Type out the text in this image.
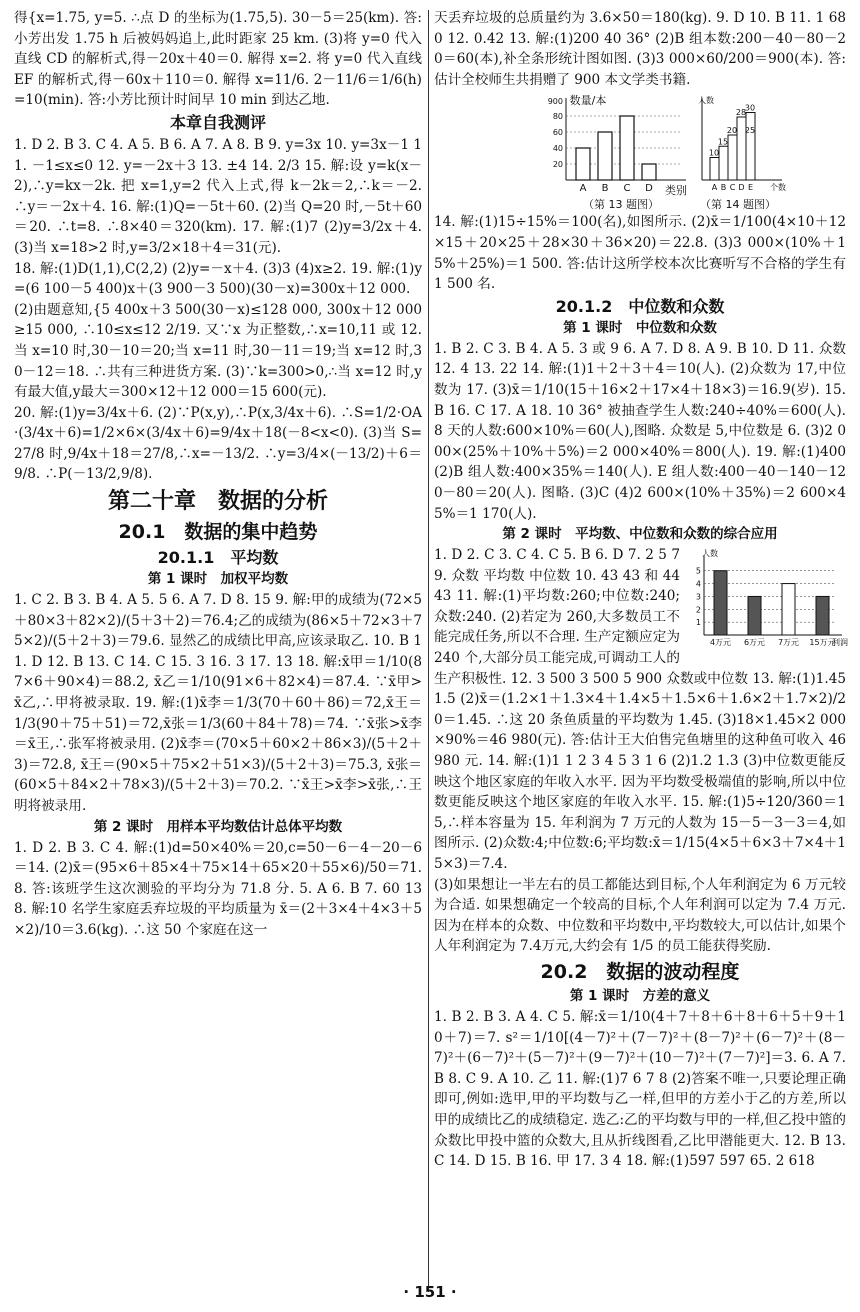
得{x=1.75, y=5. ∴点 D 的坐标为(1.75,5). 30－5＝25(km). 答:小芳出发 1.75 h 后被妈妈追上,此时距家 25 km. (3)将 y=0 代入直线 CD 的解析式,得－20x＋40＝0. 解得 x=2. 将 y=0 代入直线 EF 的解析式,得－60x＋110＝0. 解得 x=11/6. 2－11/6＝1/6(h)=10(min). 答:小芳比预计时间早 10 min 到达乙地.
本章自我测评
1. D 2. B 3. C 4. A 5. B 6. A 7. A 8. B 9. y=3x 10. y=3x－1 11. －1≤x≤0 12. y=－2x＋3 13. ±4 14. 2/3 15. 解:设 y=k(x－2),∴y=kx－2k. 把 x=1,y=2 代入上式,得 k－2k＝2,∴k＝－2. ∴y＝－2x＋4. 16. 解:(1)Q=－5t＋60. (2)当 Q=20 时,－5t＋60＝20. ∴t=8. ∴8×40＝320(km). 17. 解:(1)7 (2)y=3/2x＋4. (3)当 x=18>2 时,y=3/2×18＋4＝31(元).
18. 解:(1)D(1,1),C(2,2) (2)y=－x＋4. (3)3 (4)x≥2. 19. 解:(1)y=(6 100－5 400)x＋(3 900－3 500)(30－x)=300x＋12 000.
(2)由题意知,{5 400x＋3 500(30－x)≤128 000, 300x＋12 000≥15 000, ∴10≤x≤12 2/19. 又∵x 为正整数,∴x=10,11 或 12. 当 x=10 时,30－10＝20;当 x=11 时,30－11＝19;当 x=12 时,30－12＝18. ∴共有三种进货方案. (3)∵k=300>0,∴当 x=12 时,y 有最大值,y最大＝300×12＋12 000＝15 600(元).
20. 解:(1)y=3/4x＋6. (2)∵P(x,y),∴P(x,3/4x＋6). ∴S=1/2·OA·(3/4x＋6)=1/2×6×(3/4x＋6)=9/4x＋18(－8<x<0). (3)当 S=27/8 时,9/4x＋18＝27/8,∴x=－13/2. ∴y=3/4×(－13/2)＋6＝9/8. ∴P(－13/2,9/8).
第二十章　数据的分析
20.1　数据的集中趋势
20.1.1　平均数
第 1 课时　加权平均数
1. C 2. B 3. B 4. A 5. 5 6. A 7. D 8. 15 9. 解:甲的成绩为(72×5＋80×3＋82×2)/(5＋3＋2)＝76.4;乙的成绩为(86×5＋72×3＋75×2)/(5＋2＋3)＝79.6. 显然乙的成绩比甲高,应该录取乙. 10. B 11. D 12. B 13. C 14. C 15. 3 16. 3 17. 13 18. 解:x̄甲＝1/10(87×6＋90×4)＝88.2, x̄乙＝1/10(91×6＋82×4)＝87.4. ∵x̄甲>x̄乙,∴甲将被录取. 19. 解:(1)x̄李＝1/3(70＋60＋86)＝72,x̄王＝1/3(90＋75＋51)＝72,x̄张＝1/3(60＋84＋78)＝74. ∵x̄张>x̄李＝x̄王,∴张军将被录用. (2)x̄李＝(70×5＋60×2＋86×3)/(5＋2＋3)＝72.8, x̄王＝(90×5＋75×2＋51×3)/(5＋2＋3)＝75.3, x̄张＝(60×5＋84×2＋78×3)/(5＋2＋3)＝70.2. ∵x̄王>x̄李>x̄张,∴王明将被录用.
第 2 课时　用样本平均数估计总体平均数
1. D 2. B 3. C 4. 解:(1)d=50×40%＝20,c=50－6－4－20－6＝14. (2)x̄＝(95×6＋85×4＋75×14＋65×20＋55×6)/50＝71.8. 答:该班学生这次测验的平均分为 71.8 分. 5. A 6. B 7. 60 13 8. 解:10 名学生家庭丢弃垃圾的平均质量为 x̄＝(2＋3×4＋4×3＋5×2)/10＝3.6(kg). ∴这 50 个家庭在这一
天丢弃垃圾的总质量约为 3.6×50＝180(kg). 9. D 10. B 11. 1 680 12. 0.42 13. 解:(1)200 40 36° (2)B 组本数:200－40－80－20＝60(本),补全条形统计图如图. (3)3 000×60/200＝900(本). 答:估计全校师生共捐赠了 900 本文学类书籍.
20
40
60
80
900 数量/本
A B C D 类别
（第 13 题图）
人数
A B C D E
10
15
20
28
30
25
个数
（第 14 题图）
14. 解:(1)15÷15%＝100(名),如图所示. (2)x̄＝1/100(4×10＋12×15＋20×25＋28×30＋36×20)＝22.8. (3)3 000×(10%＋15%＋25%)＝1 500. 答:估计这所学校本次比赛听写不合格的学生有 1 500 名.
20.1.2　中位数和众数
第 1 课时　中位数和众数
1. B 2. C 3. B 4. A 5. 3 或 9 6. A 7. D 8. A 9. B 10. D 11. 众数 12. 4 13. 22 14. 解:(1)1＋2＋3＋4＝10(人). (2)众数为 17,中位数为 17. (3)x̄＝1/10(15＋16×2＋17×4＋18×3)＝16.9(岁). 15. B 16. C 17. A 18. 10 36° 被抽查学生人数:240÷40%＝600(人). 8 天的人数:600×10%＝60(人),图略. 众数是 5,中位数是 6. (3)2 000×(25%＋10%＋5%)＝2 000×40%＝800(人). 19. 解:(1)400 (2)B 组人数:400×35%＝140(人). E 组人数:400－40－140－120－80＝20(人). 图略. (3)C (4)2 600×(10%＋35%)＝2 600×45%＝1 170(人).
第 2 课时　平均数、中位数和众数的综合应用
人数
1
2
3
4
5
4万元 6万元 7万元 15万元
利润
1. D 2. C 3. C 4. C 5. B 6. D 7. 2 5 7 9. 众数 平均数 中位数 10. 43 43 和 44 43 11. 解:(1)平均数:260;中位数:240;众数:240. (2)若定为 260,大多数员工不能完成任务,所以不合理. 生产定额应定为 240 个,大部分员工能完成,可调动工人的生产积极性. 12. 3 500 3 500 5 900 众数或中位数 13. 解:(1)1.45 1.5 (2)x̄＝(1.2×1＋1.3×4＋1.4×5＋1.5×6＋1.6×2＋1.7×2)/20＝1.45. ∴这 20 条鱼质量的平均数为 1.45. (3)18×1.45×2 000×90%＝46 980(元). 答:估计王大伯售完鱼塘里的这种鱼可收入 46 980 元. 14. 解:(1)1 1 2 3 4 5 3 1 6 (2)1.2 1.3 (3)中位数更能反映这个地区家庭的年收入水平. 因为平均数受极端值的影响,所以中位数更能反映这个地区家庭的年收入水平. 15. 解:(1)5÷120/360＝15,∴样本容量为 15. 年利润为 7 万元的人数为 15－5－3－3＝4,如图所示. (2)众数:4;中位数:6;平均数:x̄＝1/15(4×5＋6×3＋7×4＋15×3)＝7.4.
(3)如果想让一半左右的员工都能达到目标,个人年利润定为 6 万元较为合适. 如果想确定一个较高的目标,个人年利润可以定为 7.4 万元. 因为在样本的众数、中位数和平均数中,平均数较大,可以估计,如果个人年利润定为 7.4万元,大约会有 1/5 的员工能获得奖励.
20.2　数据的波动程度
第 1 课时　方差的意义
1. B 2. B 3. A 4. C 5. 解:x̄＝1/10(4＋7＋8＋6＋8＋6＋5＋9＋10＋7)＝7. s²＝1/10[(4－7)²＋(7－7)²＋(8－7)²＋(6－7)²＋(8－7)²＋(6－7)²＋(5－7)²＋(9－7)²＋(10－7)²＋(7－7)²]＝3. 6. A 7. B 8. C 9. A 10. 乙 11. 解:(1)7 6 7 8 (2)答案不唯一,只要论理正确即可,例如:选甲,甲的平均数与乙一样,但甲的方差小于乙的方差,所以甲的成绩比乙的成绩稳定. 选乙:乙的平均数与甲的一样,但乙投中篮的众数比甲投中篮的众数大,且从折线图看,乙比甲潜能更大. 12. B 13. C 14. D 15. B 16. 甲 17. 3 4 18. 解:(1)597 597 65. 2 618
· 151 ·
